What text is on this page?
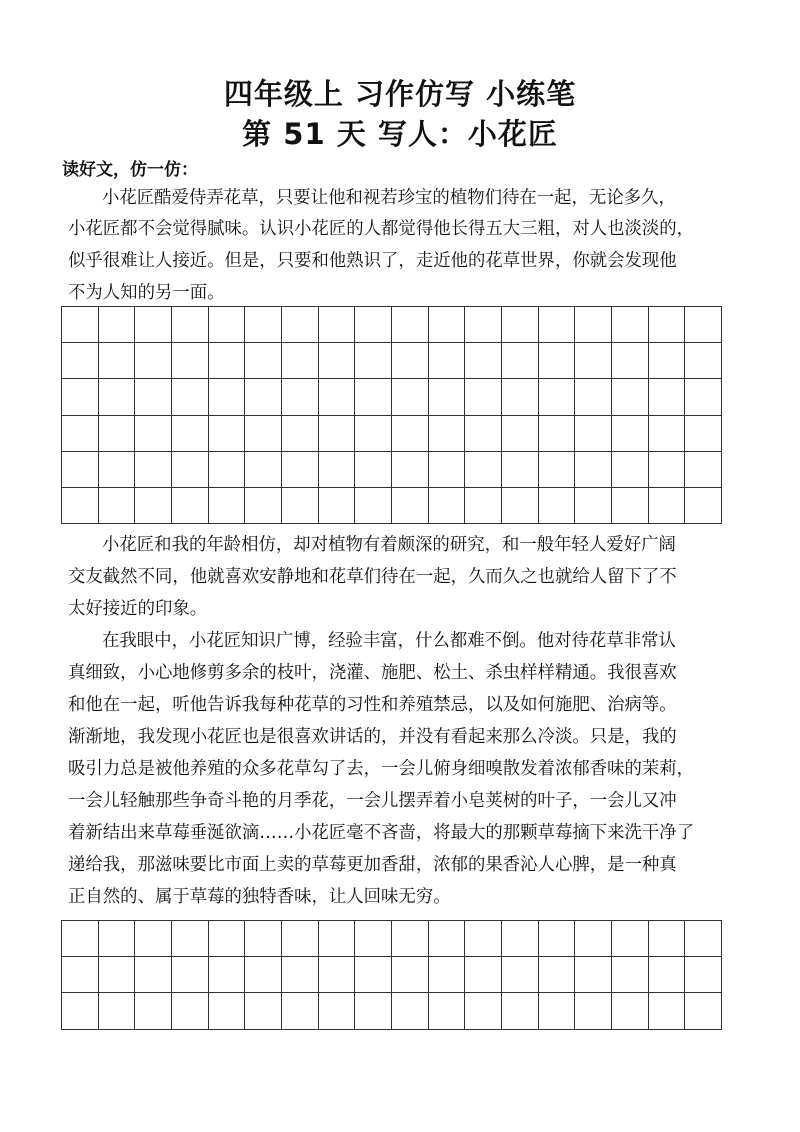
四年级上 习作仿写 小练笔
第 51 天 写人：小花匠
读好文，仿一仿：
小花匠酷爱侍弄花草，只要让他和视若珍宝的植物们待在一起，无论多久，
小花匠都不会觉得腻味。认识小花匠的人都觉得他长得五大三粗，对人也淡淡的，
似乎很难让人接近。但是，只要和他熟识了，走近他的花草世界，你就会发现他
不为人知的另一面。
小花匠和我的年龄相仿，却对植物有着颇深的研究，和一般年轻人爱好广阔
交友截然不同，他就喜欢安静地和花草们待在一起，久而久之也就给人留下了不
太好接近的印象。
在我眼中，小花匠知识广博，经验丰富，什么都难不倒。他对待花草非常认
真细致，小心地修剪多余的枝叶，浇灌、施肥、松土、杀虫样样精通。我很喜欢
和他在一起，听他告诉我每种花草的习性和养殖禁忌，以及如何施肥、治病等。
渐渐地，我发现小花匠也是很喜欢讲话的，并没有看起来那么冷淡。只是，我的
吸引力总是被他养殖的众多花草勾了去，一会儿俯身细嗅散发着浓郁香味的茉莉，
一会儿轻触那些争奇斗艳的月季花，一会儿摆弄着小皂荚树的叶子，一会儿又冲
着新结出来草莓垂涎欲滴……小花匠毫不吝啬，将最大的那颗草莓摘下来洗干净了
递给我，那滋味要比市面上卖的草莓更加香甜，浓郁的果香沁人心脾，是一种真
正自然的、属于草莓的独特香味，让人回味无穷。
